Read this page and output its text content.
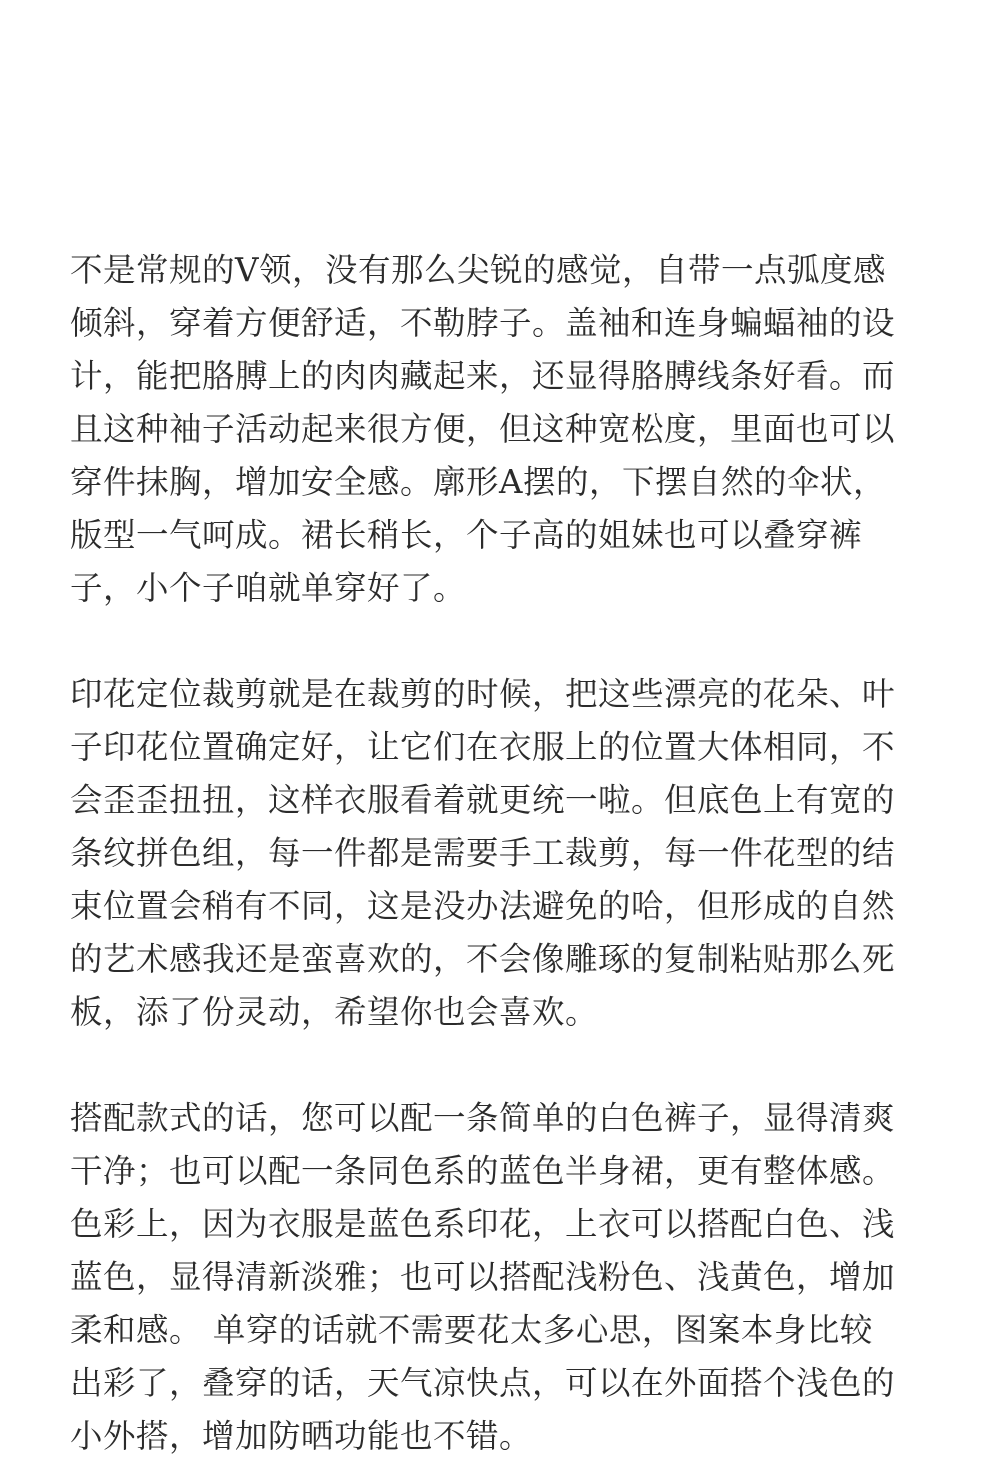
不是常规的V领，没有那么尖锐的感觉，自带一点弧度感
倾斜，穿着方便舒适，不勒脖子。盖袖和连身蝙蝠袖的设
计，能把胳膊上的肉肉藏起来，还显得胳膊线条好看。而
且这种袖子活动起来很方便，但这种宽松度，里面也可以
穿件抹胸，增加安全感。廓形A摆的，下摆自然的伞状，
版型一气呵成。裙长稍长，个子高的姐妹也可以叠穿裤
子，小个子咱就单穿好了。
印花定位裁剪就是在裁剪的时候，把这些漂亮的花朵、叶
子印花位置确定好，让它们在衣服上的位置大体相同，不
会歪歪扭扭，这样衣服看着就更统一啦。但底色上有宽的
条纹拼色组，每一件都是需要手工裁剪，每一件花型的结
束位置会稍有不同，这是没办法避免的哈，但形成的自然
的艺术感我还是蛮喜欢的，不会像雕琢的复制粘贴那么死
板，添了份灵动，希望你也会喜欢。
搭配款式的话，您可以配一条简单的白色裤子，显得清爽
干净；也可以配一条同色系的蓝色半身裙，更有整体感。
色彩上，因为衣服是蓝色系印花，上衣可以搭配白色、浅
蓝色，显得清新淡雅；也可以搭配浅粉色、浅黄色，增加
柔和感。 单穿的话就不需要花太多心思，图案本身比较
出彩了，叠穿的话，天气凉快点，可以在外面搭个浅色的
小外搭，增加防晒功能也不错。
